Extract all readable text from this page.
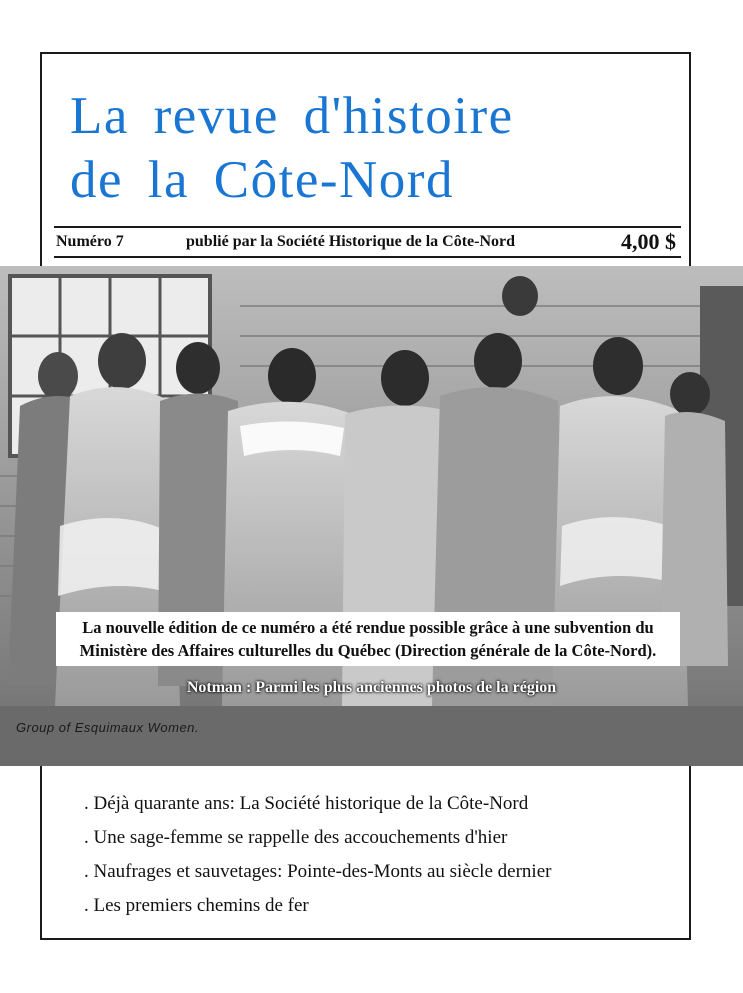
La revue d'histoire
de la Côte-Nord
Numéro 7	publié par la Société Historique de la Côte-Nord	4,00 $
Group of Esquimaux Women.
La nouvelle édition de ce numéro a été rendue possible grâce à une subvention du
Ministère des Affaires culturelles du Québec (Direction générale de la Côte-Nord).
Notman : Parmi les plus anciennes photos de la région
. Déjà quarante ans: La Société historique de la Côte-Nord
. Une sage-femme se rappelle des accouchements d'hier
. Naufrages et sauvetages: Pointe-des-Monts au siècle dernier
. Les premiers chemins de fer
